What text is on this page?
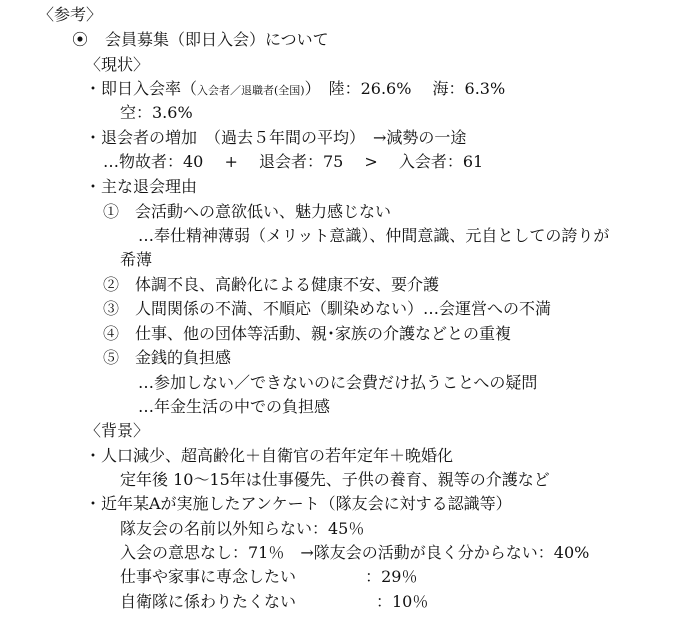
〈参考〉
⦿ 会員募集（即日入会）について
〈現状〉
・即日入会率（入会者／退職者(全国)）　陸：26.6%　 海：6.3%
空：3.6%
・退会者の増加　（過去５年間の平均）　→減勢の一途
…物故者：40　 +　 退会者：75　 >　 入会者：61
・主な退会理由
①　会活動への意欲低い、魅力感じない
…奉仕精神薄弱（メリット意識）、仲間意識、元自としての誇りが
希薄
②　体調不良、高齢化による健康不安、要介護
③　人間関係の不満、不順応（馴染めない）…会運営への不満
④　仕事、他の団体等活動、親･家族の介護などとの重複
⑤　金銭的負担感
…参加しない／できないのに会費だけ払うことへの疑問
…年金生活の中での負担感
〈背景〉
・人口減少、超高齢化＋自衛官の若年定年＋晩婚化
定年後 10～15年は仕事優先、子供の養育、親等の介護など
・近年某Aが実施したアンケート（隊友会に対する認識等）
隊友会の名前以外知らない：45％
入会の意思なし：71％　→隊友会の活動が良く分からない：40%
仕事や家事に専念したい　　　　 ：29％
自衛隊に係わりたくない　　　　　：10％
